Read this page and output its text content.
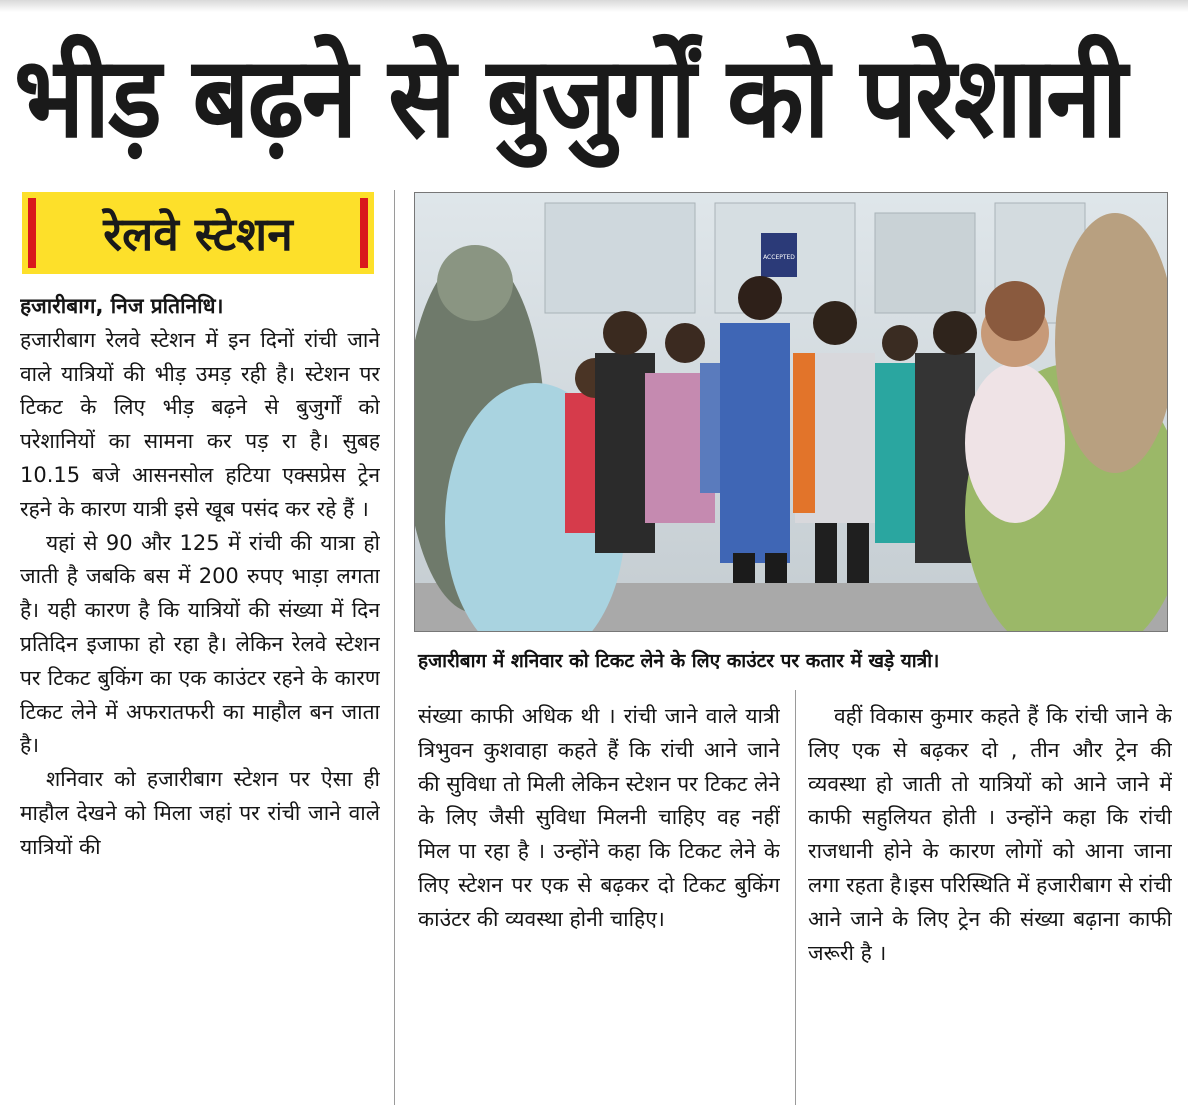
भीड़ बढ़ने से बुजुर्गों को परेशानी
रेलवे स्टेशन	ACCEPTED
हजारीबाग में शनिवार को टिकट लेने के लिए काउंटर पर कतार में खड़े यात्री।

हजारीबाग, निज प्रतिनिधि।

हजारीबाग रेलवे स्टेशन में इन दिनों रांची जाने वाले यात्रियों की भीड़ उमड़ रही है। स्टेशन पर टिकट के लिए भीड़ बढ़ने से बुजुर्गों को परेशानियों का सामना कर पड़ रा है। सुबह 10.15 बजे आसनसोल हटिया एक्सप्रेस ट्रेन रहने के कारण यात्री इसे खूब पसंद कर रहे हैं ।

यहां से 90 और 125 में रांची की यात्रा हो जाती है जबकि बस में 200 रुपए भाड़ा लगता है। यही कारण है कि यात्रियों की संख्या में दिन प्रतिदिन इजाफा हो रहा है। लेकिन रेलवे स्टेशन पर टिकट बुकिंग का एक काउंटर रहने के कारण टिकट लेने में अफरातफरी का माहौल बन जाता है।

शनिवार को हजारीबाग स्टेशन पर ऐसा ही माहौल देखने को मिला जहां पर रांची जाने वाले यात्रियों की

संख्या काफी अधिक थी । रांची जाने वाले यात्री त्रिभुवन कुशवाहा कहते हैं कि रांची आने जाने की सुविधा तो मिली लेकिन स्टेशन पर टिकट लेने के लिए जैसी सुविधा मिलनी चाहिए वह नहीं मिल पा रहा है । उन्होंने कहा कि टिकट लेने के लिए स्टेशन पर एक से बढ़कर दो टिकट बुकिंग काउंटर की व्यवस्था होनी चाहिए।

वहीं विकास कुमार कहते हैं कि रांची जाने के लिए एक से बढ़कर दो , तीन और ट्रेन की व्यवस्था हो जाती तो यात्रियों को आने जाने में काफी सहुलियत होती । उन्होंने कहा कि रांची राजधानी होने के कारण लोगों को आना जाना लगा रहता है।इस परिस्थिति में हजारीबाग से रांची आने जाने के लिए ट्रेन की संख्या बढ़ाना काफी जरूरी है ।
